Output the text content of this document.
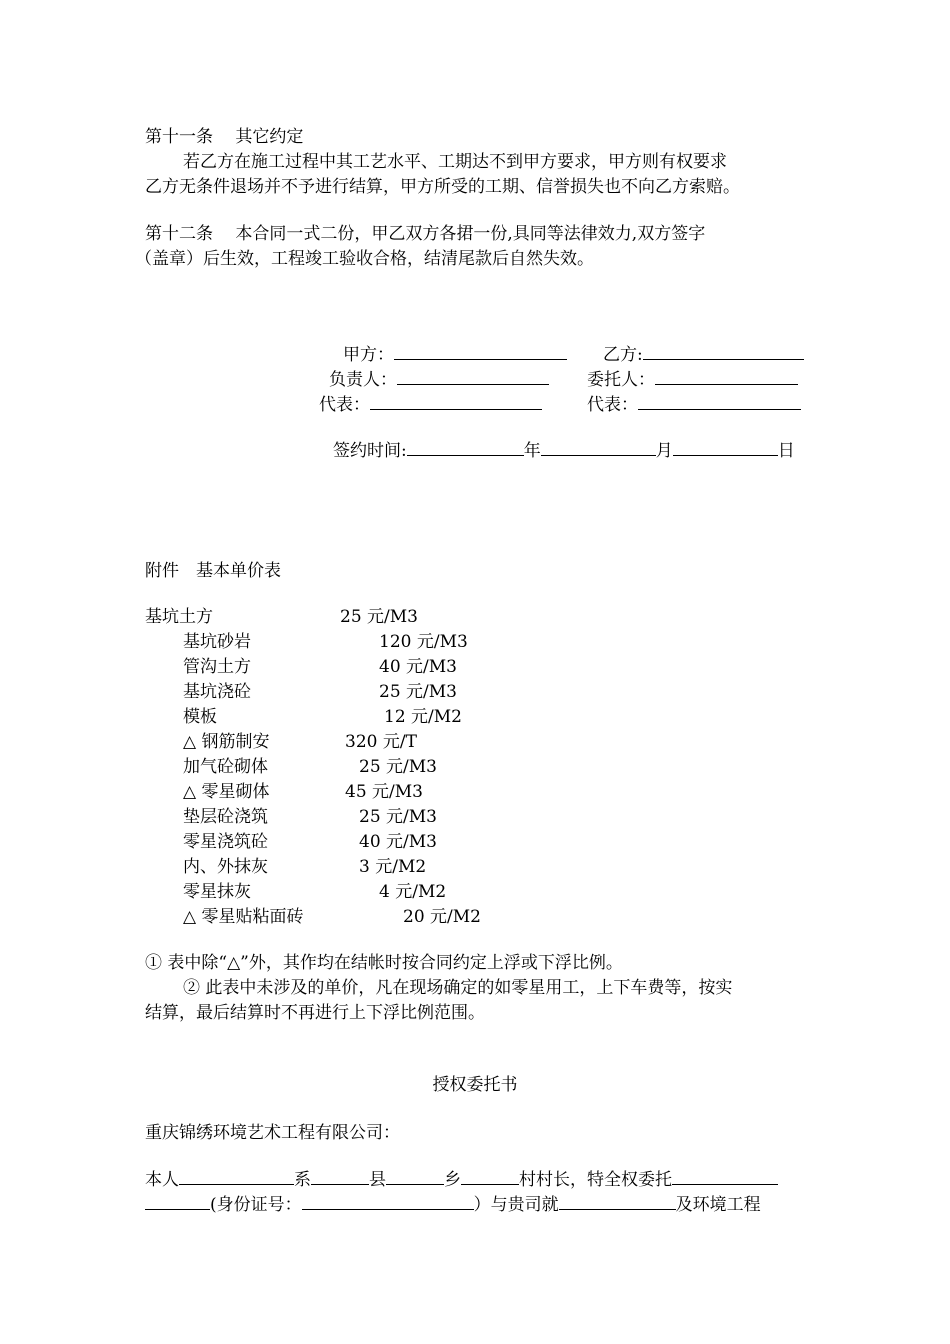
第十一条　 其它约定
若乙方在施工过程中其工艺水平、工期达不到甲方要求，甲方则有权要求
乙方无条件退场并不予进行结算，甲方所受的工期、信誉损失也不向乙方索赔。
第十二条　 本合同一式二份，甲乙双方各捃一份,具同等法律效力,双方签字
（盖章）后生效，工程竣工验收合格，结清尾款后自然失效。
甲方：	乙方:
负责人：	委托人：
代表：	代表：
签约时间:	年	月	日
附件　基本单价表
基坑土方	25 元/M3
基坑砂岩	120 元/M3
管沟土方	40 元/M3
基坑浇砼	25 元/M3
模板	12 元/M2
△ 钢筋制安	320 元/T
加气砼砌体	25 元/M3
△ 零星砌体	45 元/M3
垫层砼浇筑	25 元/M3
零星浇筑砼	40 元/M3
内、外抹灰	3 元/M2
零星抹灰	4 元/M2
△ 零星贴粘面砖	20 元/M2
① 表中除“△”外，其作均在结帐时按合同约定上浮或下浮比例。
② 此表中未涉及的单价，凡在现场确定的如零星用工，上下车费等，按实
结算，最后结算时不再进行上下浮比例范围。
授权委托书
重庆锦绣环境艺术工程有限公司：
本人	系	县	乡	村村长，特全权委托
(身份证号：	）与贵司就	及环境工程
